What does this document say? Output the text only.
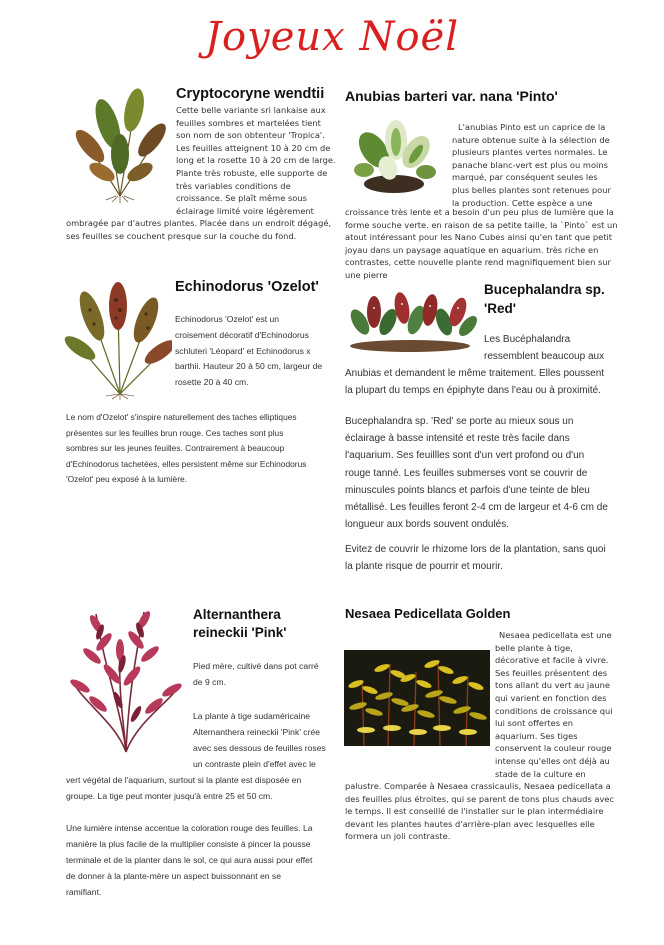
Joyeux Noël
Cryptocoryne wendtii

Cette belle variante sri lankaise aux

feuilles sombres et martelées tient

son nom de son obtenteur 'Tropica'.

Les feuilles atteignent 10 à 20 cm de

long et la rosette 10 à 20 cm de large.

Plante très robuste, elle supporte de

très variables conditions de

croissance. Se plaît même sous

éclairage limité voire légèrement

ombragée par d'autres plantes. Placée dans un endroit dégagé,

ses feuilles se couchent presque sur la couche du fond.

Anubias barteri var. nana 'Pinto'

L'anubias Pinto est un caprice de la

nature obtenue suite à la sélection de

plusieurs plantes vertes normales. Le

panache blanc-vert est plus ou moins

marqué, par conséquent seules les

plus belles plantes sont retenues pour

la production. Cette espèce a une

croissance très lente et a besoin d'un peu plus de lumière que la

forme souche verte. en raison de sa petite taille, la `Pinto` est un

atout intéressant pour les Nano Cubes ainsi qu'en tant que petit

joyau dans un paysage aquatique en aquarium. très riche en

contrastes, cette nouvelle plante rend magnifiquement bien sur

une pierre

Echinodorus 'Ozelot'

Echinodorus 'Ozelot' est un

croisement décoratif d'Echinodorus

schluteri 'Léopard' et Echinodorus x

barthii. Hauteur 20 à 50 cm, largeur de

rosette 20 à 40 cm.

Le nom d'Ozelot' s'inspire naturellement des taches elliptiques

présentes sur les feuilles brun rouge. Ces taches sont plus

sombres sur les jeunes feuilles. Contrairement à beaucoup

d'Echinodorus tachetées, elles persistent même sur Echinodorus

'Ozelot' peu exposé à la lumière.

Bucephalandra sp.

'Red'

Les Bucéphalandra

ressemblent beaucoup aux

Anubias et demandent le même traitement. Elles poussent

la plupart du temps en épiphyte dans l'eau ou à proximité.

Bucephalandra sp. 'Red' se porte au mieux sous un

éclairage à basse intensité et reste très facile dans

l'aquarium. Ses feuillles sont d'un vert profond ou d'un

rouge tanné. Les feuilles submerses vont se couvrir de

minuscules points blancs et parfois d'une teinte de bleu

métallisé. Les feuilles feront 2-4 cm de largeur et 4-6 cm de

longueur aux bords souvent ondulés.

Evitez de couvrir le rhizome lors de la plantation, sans quoi

la plante risque de pourrir et mourir.

Alternanthera

reineckii 'Pink'

Pied mère, cultivé dans pot carré

de 9 cm.

La plante à tige sudaméricaine

Alternanthera reineckii 'Pink' crée

avec ses dessous de feuilles roses

un contraste plein d'effet avec le

vert végétal de l'aquarium, surtout si la plante est disposée en

groupe. La tige peut monter jusqu'à entre 25 et 50 cm.

Une lumière intense accentue la coloration rouge des feuilles. La

manière la plus facile de la multiplier consiste à pincer la pousse

terminale et de la planter dans le sol, ce qui aura aussi pour effet

de donner à la plante-mère un aspect buissonnant en se

ramifiant.

Nesaea Pedicellata Golden

Nesaea pedicellata est une

belle plante à tige,

décorative et facile à vivre.

Ses feuilles présentent des

tons allant du vert au jaune

qui varient en fonction des

conditions de croissance qui

lui sont offertes en

aquarium. Ses tiges

conservent la couleur rouge

intense qu'elles ont déjà au

stade de la culture en

palustre. Comparée à Nesaea crassicaulis, Nesaea pedicellata a

des feuilles plus étroites, qui se parent de tons plus chauds avec

le temps. Il est conseillé de l'installer sur le plan intermédiaire

devant les plantes hautes d'arrière-plan avec lesquelles elle

formera un joli contraste.
